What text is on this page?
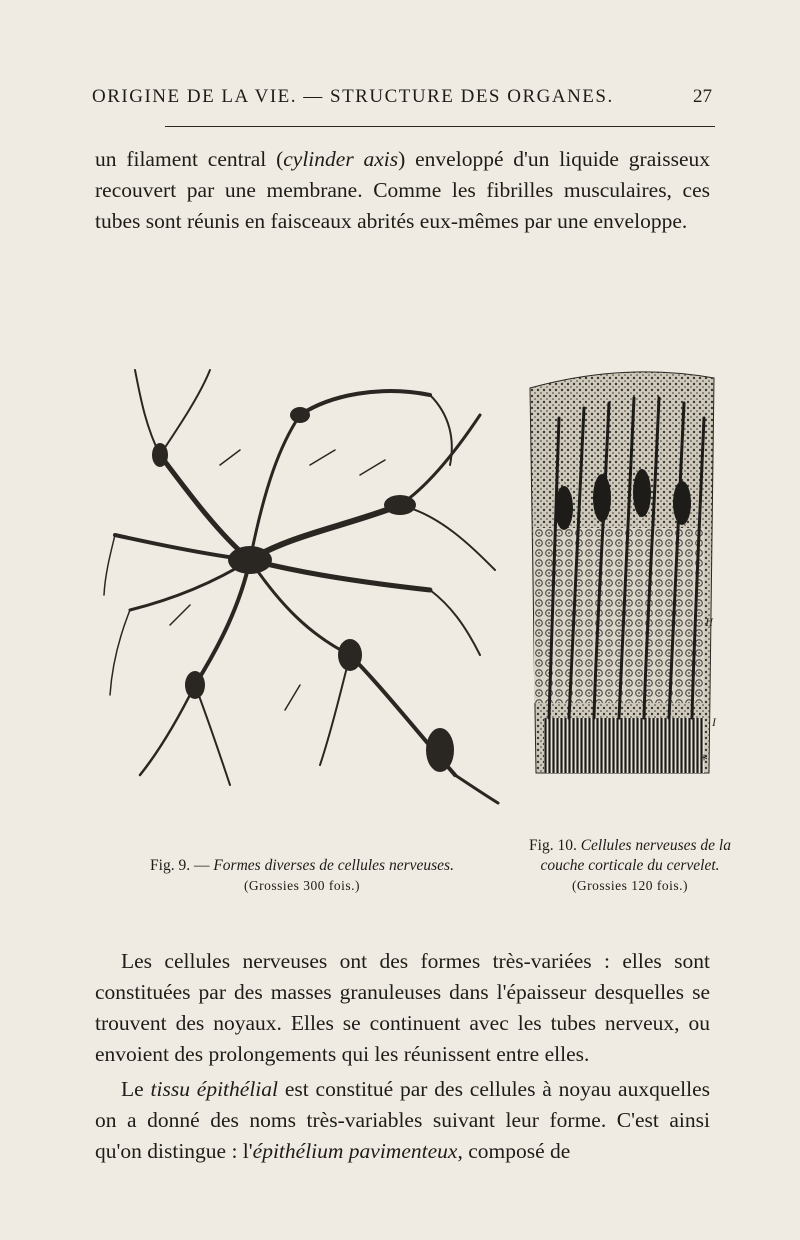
ORIGINE DE LA VIE. — STRUCTURE DES ORGANES.	27

un filament central (cylinder axis) enveloppé d'un liquide graisseux recouvert par une membrane. Comme les fibrilles musculaires, ces tubes sont réunis en faisceaux abrités eux-mêmes par une enveloppe.

II
I
*
Fig. 9. — Formes diverses de cellules nerveuses.
(Grossies 300 fois.)
Fig. 10. Cellules nerveuses de la couche corticale du cervelet.
(Grossies 120 fois.)

Les cellules nerveuses ont des formes très-variées : elles sont constituées par des masses granuleuses dans l'épaisseur desquelles se trouvent des noyaux. Elles se continuent avec les tubes nerveux, ou envoient des prolongements qui les réunissent entre elles.

Le tissu épithélial est constitué par des cellules à noyau auxquelles on a donné des noms très-variables suivant leur forme. C'est ainsi qu'on distingue : l'épithélium pavimenteux, composé de
